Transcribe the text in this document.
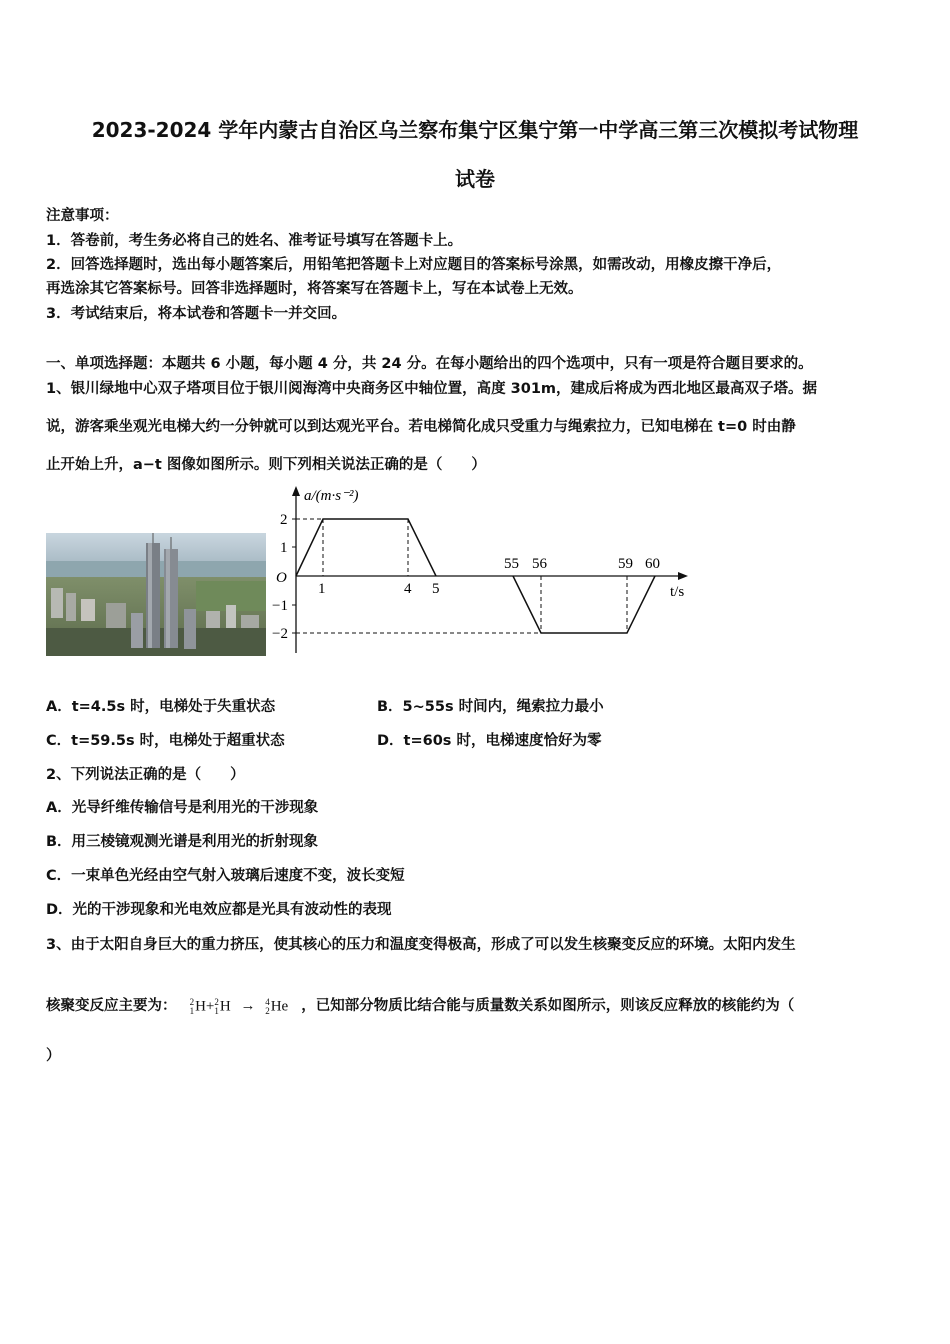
2023-2024 学年内蒙古自治区乌兰察布集宁区集宁第一中学高三第三次模拟考试物理
试卷
注意事项：
1．答卷前，考生务必将自己的姓名、准考证号填写在答题卡上。
2．回答选择题时，选出每小题答案后，用铅笔把答题卡上对应题目的答案标号涂黑，如需改动，用橡皮擦干净后，
再选涂其它答案标号。回答非选择题时，将答案写在答题卡上，写在本试卷上无效。
3．考试结束后，将本试卷和答题卡一并交回。
一、单项选择题：本题共 6 小题，每小题 4 分，共 24 分。在每小题给出的四个选项中，只有一项是符合题目要求的。
1、银川绿地中心双子塔项目位于银川阅海湾中央商务区中轴位置，高度 301m，建成后将成为西北地区最高双子塔。据
说，游客乘坐观光电梯大约一分钟就可以到达观光平台。若电梯简化成只受重力与绳索拉力，已知电梯在 t=0 时由静
止开始上升，a−t 图像如图所示。则下列相关说法正确的是（　　）
a/(m·s⁻²)
t/s
O
2
1
−1
−2
1	4 5
55 56	59 60
A．t=4.5s 时，电梯处于失重状态	B．5~55s 时间内，绳索拉力最小
C．t=59.5s 时，电梯处于超重状态	D．t=60s 时，电梯速度恰好为零
2、下列说法正确的是（　　）
A．光导纤维传输信号是利用光的干涉现象
B．用三棱镜观测光谱是利用光的折射现象
C．一束单色光经由空气射入玻璃后速度不变，波长变短
D．光的干涉现象和光电效应都是光具有波动性的表现
3、由于太阳自身巨大的重力挤压，使其核心的压力和温度变得极高，形成了可以发生核聚变反应的环境。太阳内发生
核聚变反应主要为： 2
1 H+ 2
1 H → 4
2 He ，已知部分物质比结合能与质量数关系如图所示，则该反应释放的核能约为（
）
